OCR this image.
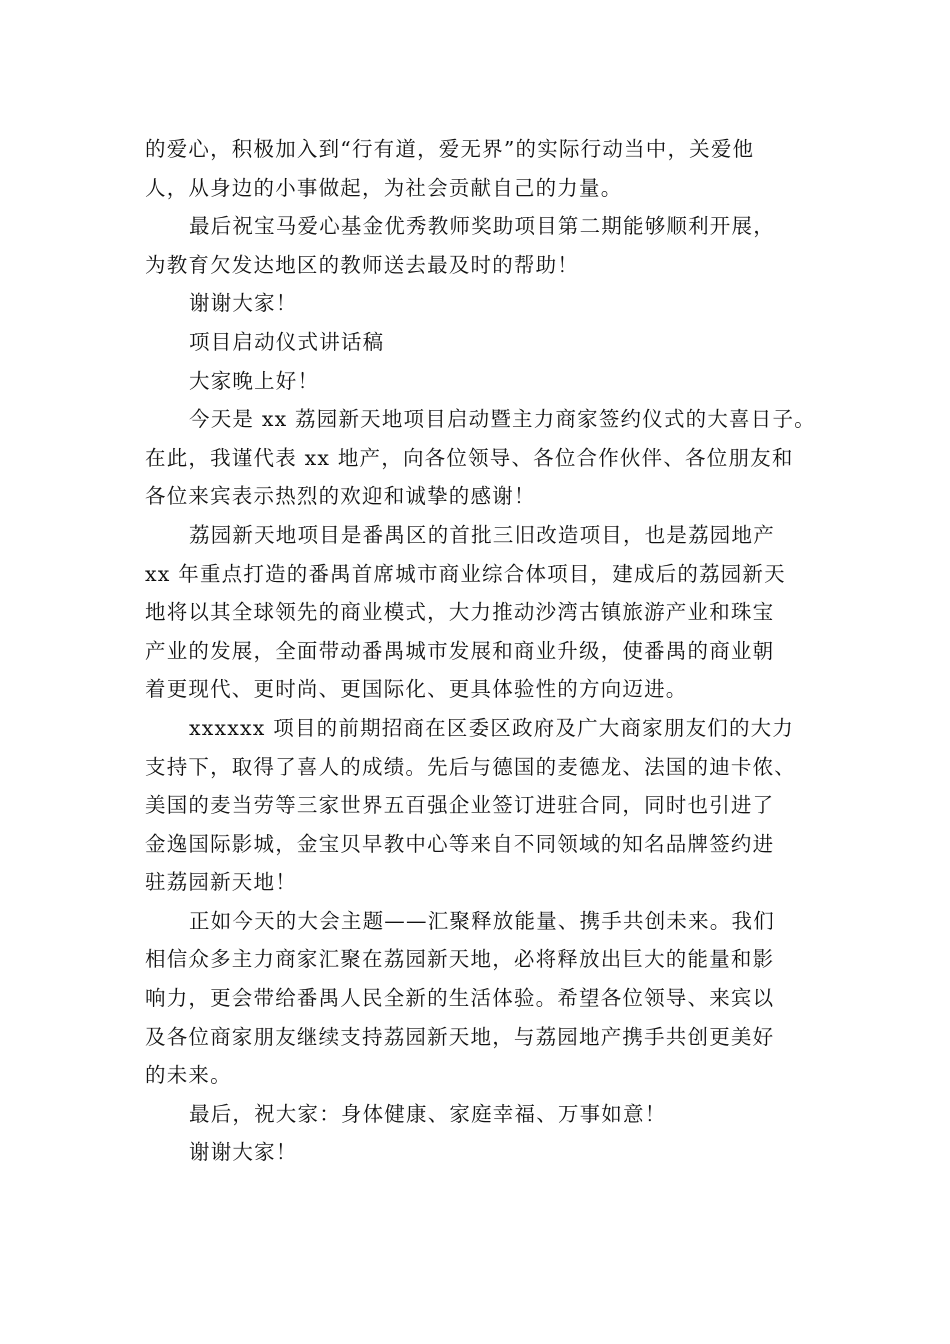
的爱心，积极加入到“行有道，爱无界”的实际行动当中，关爱他
人，从身边的小事做起，为社会贡献自己的力量。
最后祝宝马爱心基金优秀教师奖助项目第二期能够顺利开展，
为教育欠发达地区的教师送去最及时的帮助！
谢谢大家！
项目启动仪式讲话稿
大家晚上好！
今天是 xx 荔园新天地项目启动暨主力商家签约仪式的大喜日子。
在此，我谨代表 xx 地产，向各位领导、各位合作伙伴、各位朋友和
各位来宾表示热烈的欢迎和诚挚的感谢！
荔园新天地项目是番禺区的首批三旧改造项目，也是荔园地产
xx 年重点打造的番禺首席城市商业综合体项目，建成后的荔园新天
地将以其全球领先的商业模式，大力推动沙湾古镇旅游产业和珠宝
产业的发展，全面带动番禺城市发展和商业升级，使番禺的商业朝
着更现代、更时尚、更国际化、更具体验性的方向迈进。
xxxxxx 项目的前期招商在区委区政府及广大商家朋友们的大力
支持下，取得了喜人的成绩。先后与德国的麦德龙、法国的迪卡侬、
美国的麦当劳等三家世界五百强企业签订进驻合同，同时也引进了
金逸国际影城，金宝贝早教中心等来自不同领域的知名品牌签约进
驻荔园新天地！
正如今天的大会主题——汇聚释放能量、携手共创未来。我们
相信众多主力商家汇聚在荔园新天地，必将释放出巨大的能量和影
响力，更会带给番禺人民全新的生活体验。希望各位领导、来宾以
及各位商家朋友继续支持荔园新天地，与荔园地产携手共创更美好
的未来。
最后，祝大家：身体健康、家庭幸福、万事如意！
谢谢大家！
